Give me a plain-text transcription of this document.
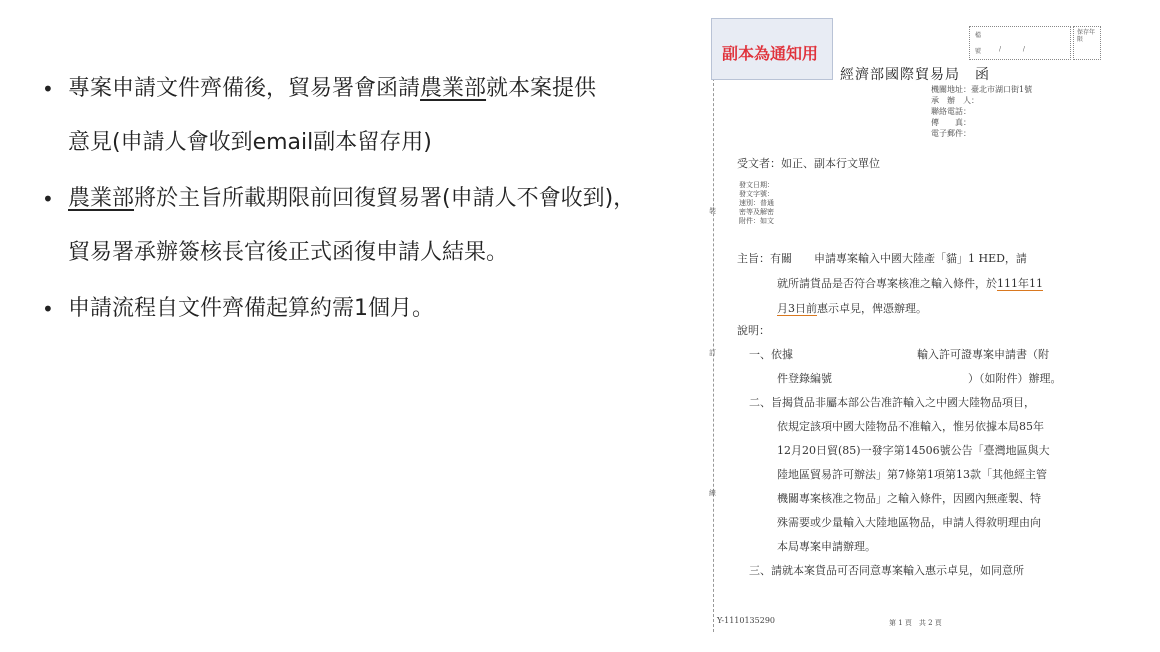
• 專案申請文件齊備後，貿易署會函請農業部就本案提供
意見(申請人會收到email副本留存用)
• 農業部將於主旨所載期限前回復貿易署(申請人不會收到)，
貿易署承辦簽核長官後正式函復申請人結果。
• 申請流程自文件齊備起算約需1個月。
裝
訂
線
副本為通知用
檔
號	/ /
保存年限
經濟部國際貿易局　函
機關地址：臺北市湖口街1號
承　辦　人：
聯絡電話：
傳　　真：
電子郵件：
受文者：如正、副本行文單位
發文日期：
發文字號：
速別：普通
密等及解密
附件：如文
主旨：有關　　申請專案輸入中國大陸產「貓」1 HED，請
就所請貨品是否符合專案核准之輸入條件，於111年11
月3日前惠示卓見，俾憑辦理。
說明：
一、依據	輸入許可證專案申請書（附
件登錄編號	）（如附件）辦理。
二、旨揭貨品非屬本部公告准許輸入之中國大陸物品項目，
依規定該項中國大陸物品不准輸入，惟另依據本局85年
12月20日貿(85)一發字第14506號公告「臺灣地區與大
陸地區貿易許可辦法」第7條第1項第13款「其他經主管
機關專案核准之物品」之輸入條件，因國內無產製、特
殊需要或少量輸入大陸地區物品，申請人得敘明理由向
本局專案申請辦理。
三、請就本案貨品可否同意專案輸入惠示卓見，如同意所
Y-1110135290	第 1 頁　共 2 頁
